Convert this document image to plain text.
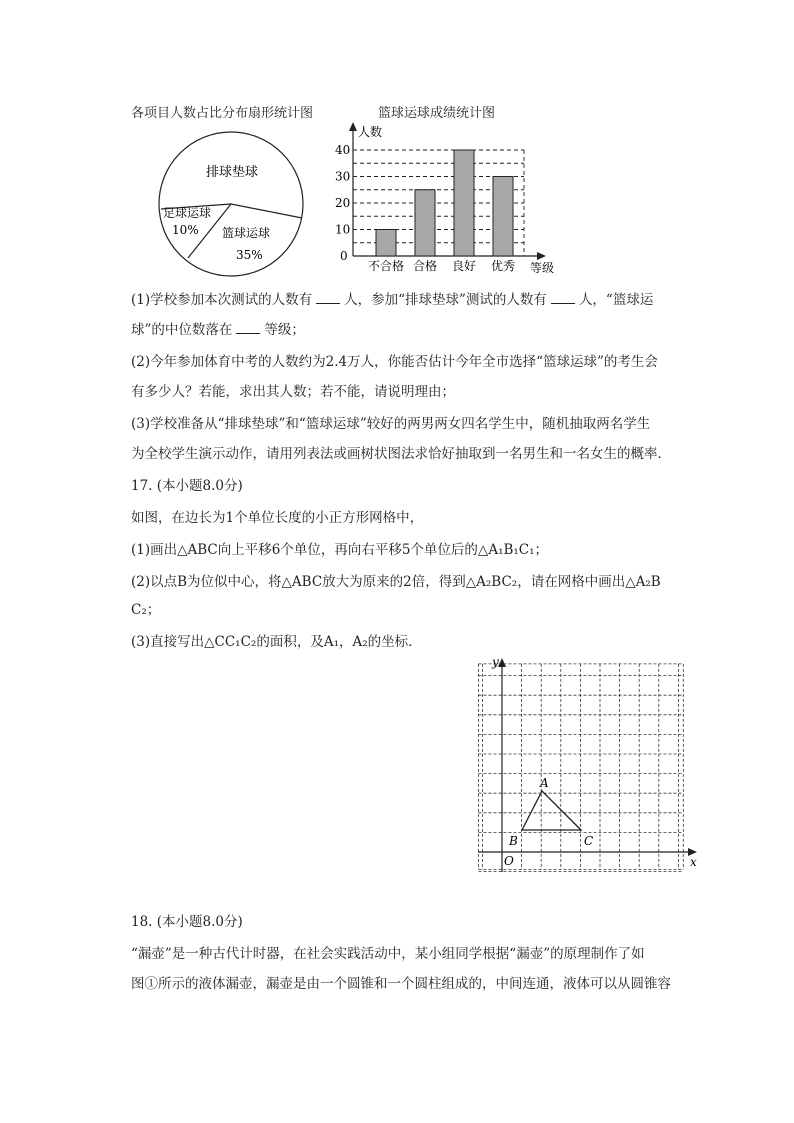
各项目人数占比分布扇形统计图	篮球运球成绩统计图
排球垫球
足球运球
10% 篮球运球
35%
人数
等级
0
10
20
30
40
不合格 合格 良好 优秀
(1)学校参加本次测试的人数有 人，参加“排球垫球”测试的人数有 人，“篮球运
球”的中位数落在 等级；
(2)今年参加体育中考的人数约为2.4万人，你能否估计今年全市选择“篮球运球”的考生会
有多少人？若能，求出其人数；若不能，请说明理由；
(3)学校准备从“排球垫球”和“篮球运球”较好的两男两女四名学生中，随机抽取两名学生
为全校学生演示动作，请用列表法或画树状图法求恰好抽取到一名男生和一名女生的概率．
17. (本小题8.0分)
如图，在边长为1个单位长度的小正方形网格中，
(1)画出△ABC向上平移6个单位，再向右平移5个单位后的△A₁B₁C₁；
(2)以点B为位似中心，将△ABC放大为原来的2倍，得到△A₂BC₂，请在网格中画出△A₂B
C₂；
(3)直接写出△CC₁C₂的面积，及A₁，A₂的坐标．
x
y
O
A
B	C
18. (本小题8.0分)
“漏壶”是一种古代计时器，在社会实践活动中，某小组同学根据“漏壶”的原理制作了如
图①所示的液体漏壶，漏壶是由一个圆锥和一个圆柱组成的，中间连通，液体可以从圆锥容
